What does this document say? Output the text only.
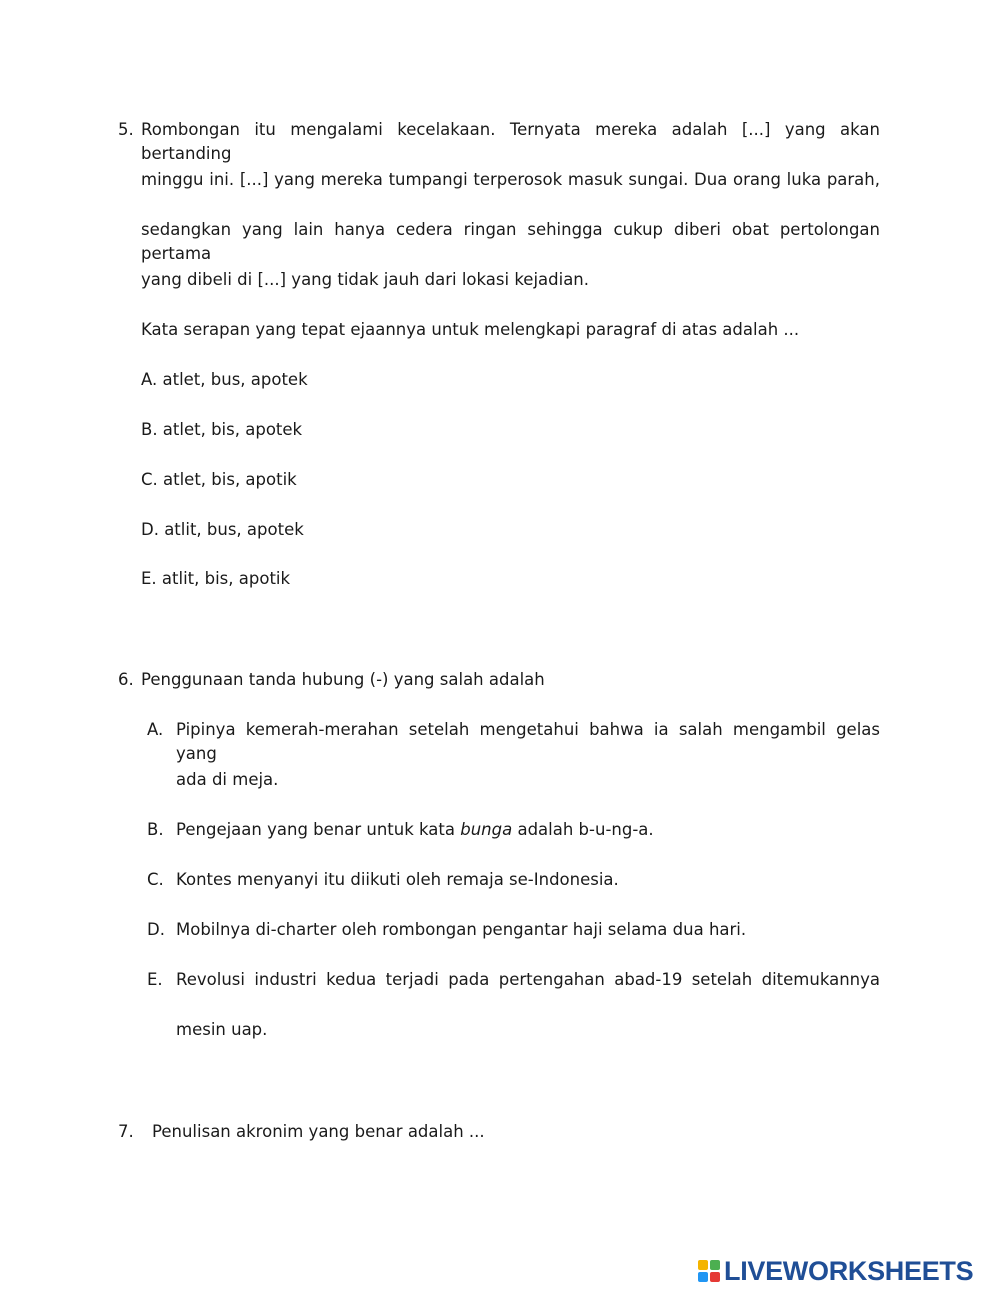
5. Rombongan itu mengalami kecelakaan. Ternyata mereka adalah [...] yang akan bertanding
minggu ini. [...] yang mereka tumpangi terperosok masuk sungai. Dua orang luka parah,
sedangkan yang lain hanya cedera ringan sehingga cukup diberi obat pertolongan pertama
yang dibeli di [...] yang tidak jauh dari lokasi kejadian.
Kata serapan yang tepat ejaannya untuk melengkapi paragraf di atas adalah ...
A. atlet, bus, apotek
B. atlet, bis, apotek
C. atlet, bis, apotik
D. atlit, bus, apotek
E. atlit, bis, apotik
6. Penggunaan tanda hubung (-) yang salah adalah
A. Pipinya kemerah-merahan setelah mengetahui bahwa ia salah mengambil gelas yang
ada di meja.
B. Pengejaan yang benar untuk kata bunga adalah b-u-ng-a.
C. Kontes menyanyi itu diikuti oleh remaja se-Indonesia.
D. Mobilnya di-charter oleh rombongan pengantar haji selama dua hari.
E. Revolusi industri kedua terjadi pada pertengahan abad-19 setelah ditemukannya
mesin uap.
7. Penulisan akronim yang benar adalah ...
LIVEWORKSHEETS
